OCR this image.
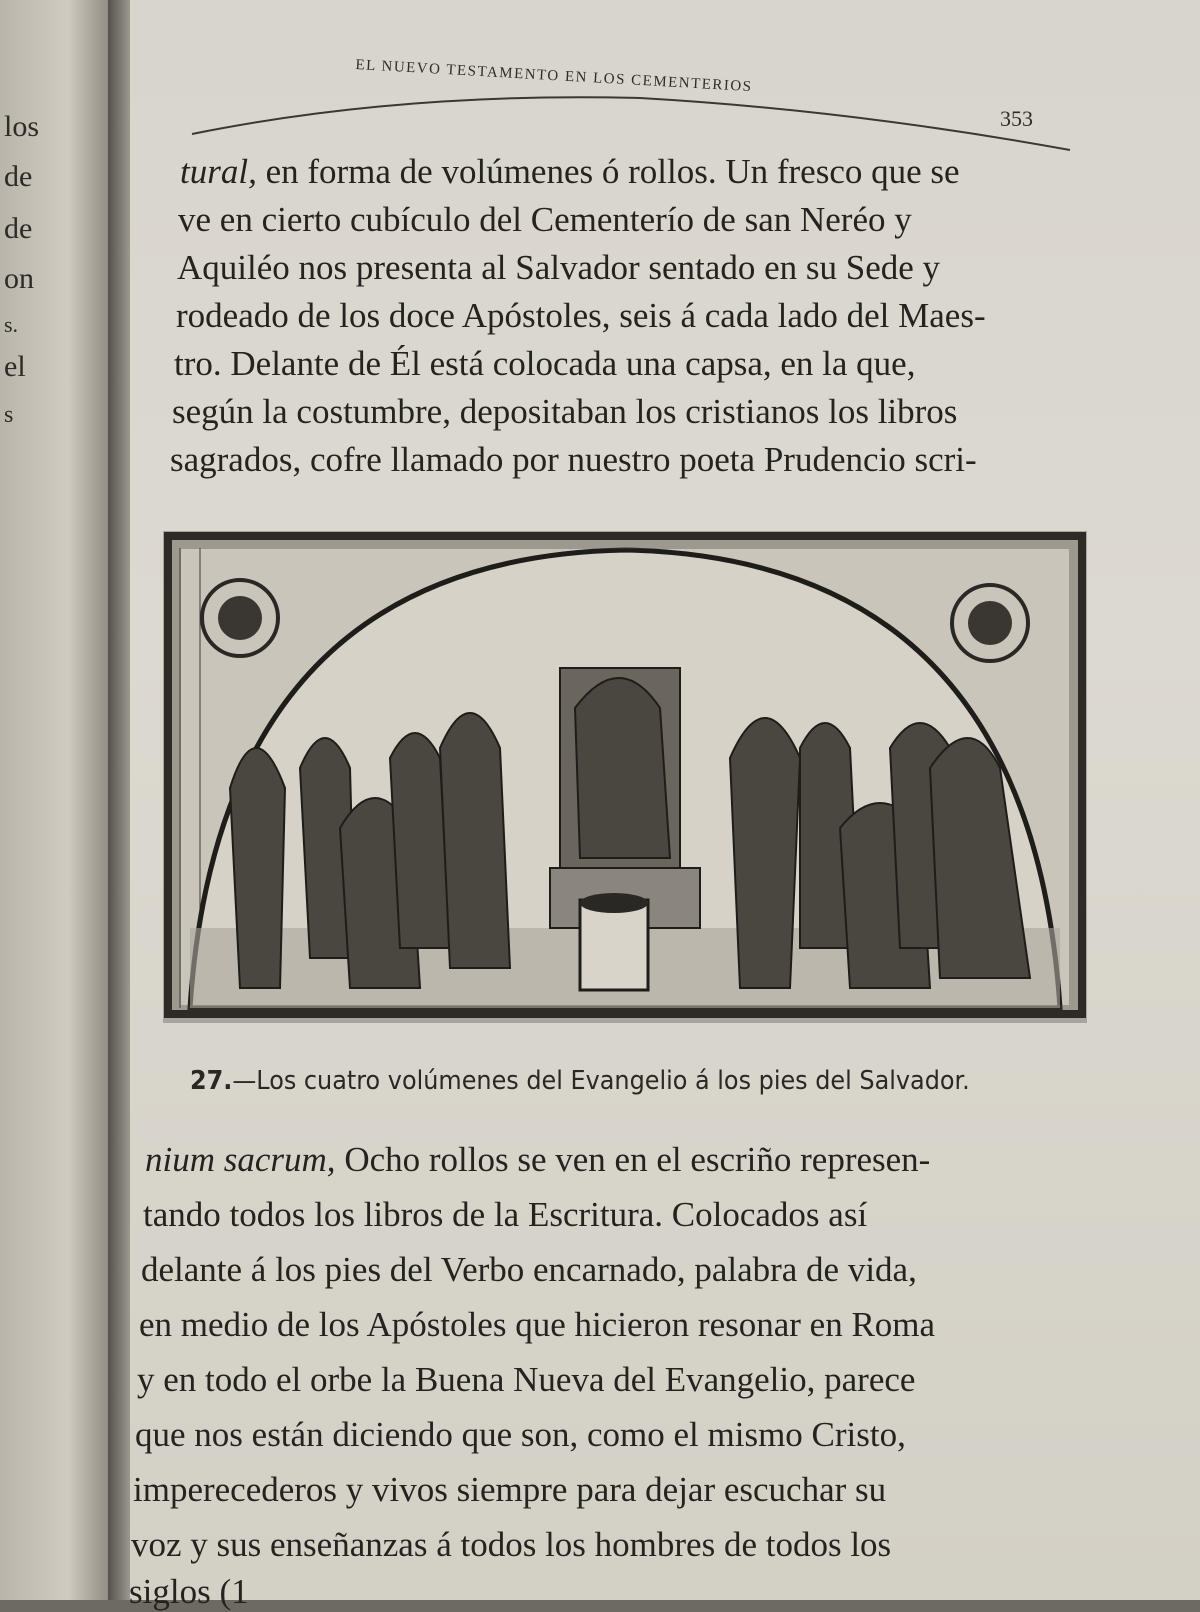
los
de
de
on
s.
el
s
EL NUEVO TESTAMENTO EN LOS CEMENTERIOS
353
tural, en forma de volúmenes ó rollos. Un fresco que se
ve en cierto cubículo del Cementerío de san Neréo y
Aquiléo nos presenta al Salvador sentado en su Sede y
rodeado de los doce Apóstoles, seis á cada lado del Maes-
tro. Delante de Él está colocada una capsa, en la que,
según la costumbre, depositaban los cristianos los libros
sagrados, cofre llamado por nuestro poeta Prudencio scri-
27.—Los cuatro volúmenes del Evangelio á los pies del Salvador.
nium sacrum, Ocho rollos se ven en el escriño represen-
tando todos los libros de la Escritura. Colocados así
delante á los pies del Verbo encarnado, palabra de vida,
en medio de los Apóstoles que hicieron resonar en Roma
y en todo el orbe la Buena Nueva del Evangelio, parece
que nos están diciendo que son, como el mismo Cristo,
imperecederos y vivos siempre para dejar escuchar su
voz y sus enseñanzas á todos los hombres de todos los
siglos (1
